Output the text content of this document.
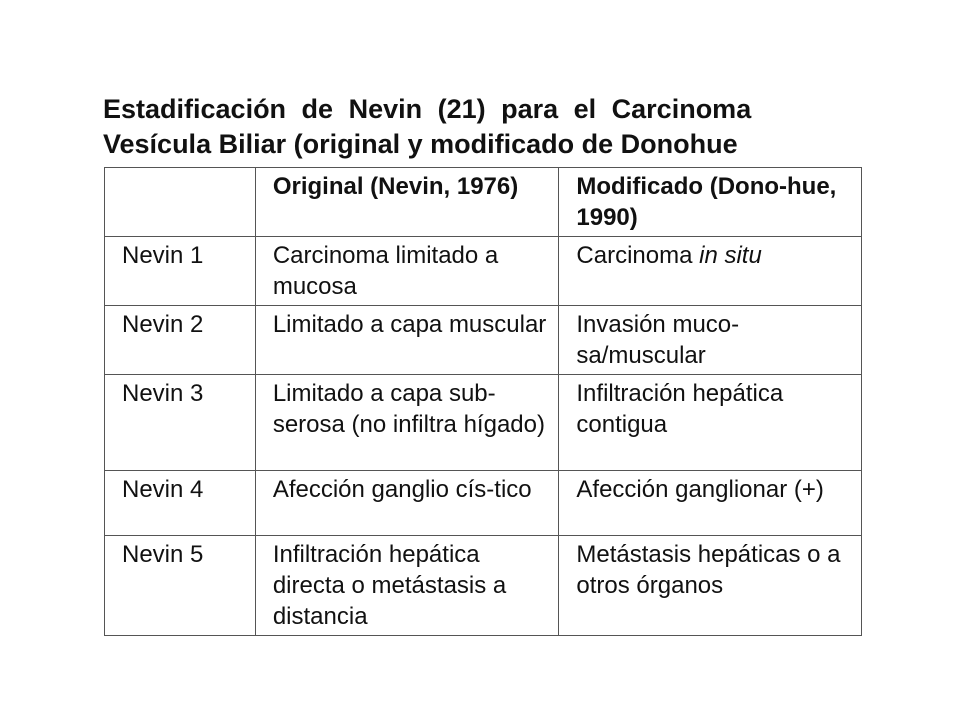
Estadificación de Nevin (21) para el Carcinoma
Vesícula Biliar (original y modificado de Donohue
	Original (Nevin, 1976)	Modificado (Dono-hue, 1990)
Nevin 1	Carcinoma limitado a mucosa	Carcinoma in situ
Nevin 2	Limitado a capa muscular	Invasión muco-sa/muscular
Nevin 3	Limitado a capa sub-serosa (no infiltra hígado)	Infiltración hepática contigua
Nevin 4	Afección ganglio cís-tico	Afección ganglionar (+)
Nevin 5	Infiltración hepática directa o metástasis a distancia	Metástasis hepáticas o a otros órganos
